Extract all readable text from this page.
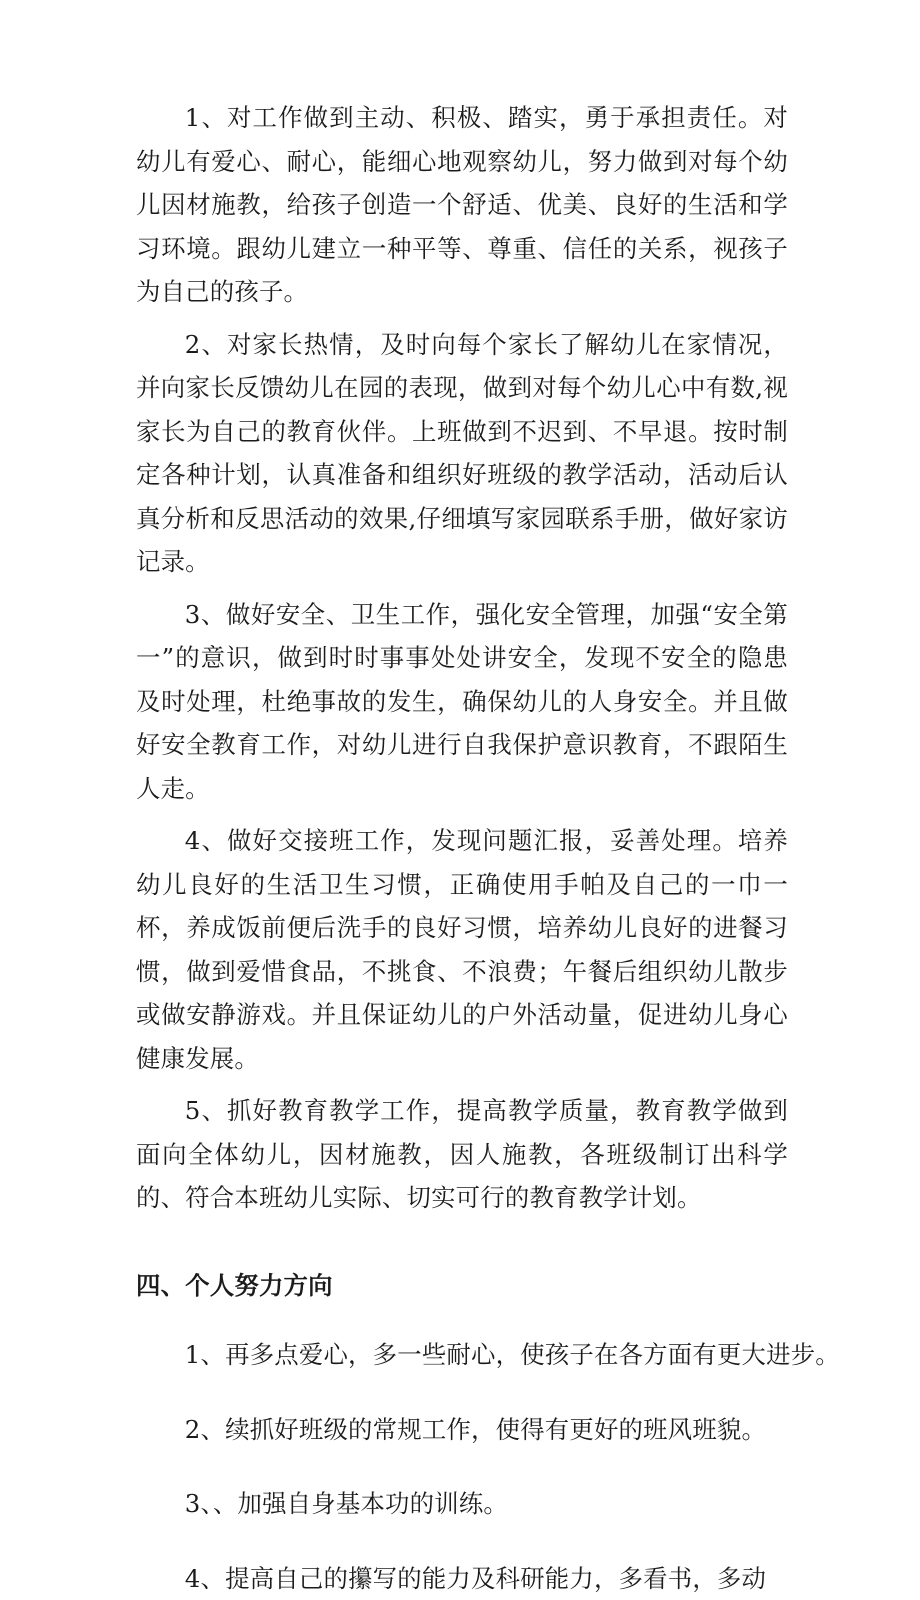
1、对工作做到主动、积极、踏实，勇于承担责任。对幼儿有爱心、耐心，能细心地观察幼儿，努力做到对每个幼儿因材施教，给孩子创造一个舒适、优美、良好的生活和学习环境。跟幼儿建立一种平等、尊重、信任的关系，视孩子为自己的孩子。

2、对家长热情，及时向每个家长了解幼儿在家情况，并向家长反馈幼儿在园的表现，做到对每个幼儿心中有数,视家长为自己的教育伙伴。上班做到不迟到、不早退。按时制定各种计划，认真准备和组织好班级的教学活动，活动后认真分析和反思活动的效果,仔细填写家园联系手册，做好家访记录。

3、做好安全、卫生工作，强化安全管理，加强“安全第一”的意识，做到时时事事处处讲安全，发现不安全的隐患及时处理，杜绝事故的发生，确保幼儿的人身安全。并且做好安全教育工作，对幼儿进行自我保护意识教育，不跟陌生人走。

4、做好交接班工作，发现问题汇报，妥善处理。培养幼儿良好的生活卫生习惯，正确使用手帕及自己的一巾一杯，养成饭前便后洗手的良好习惯，培养幼儿良好的进餐习惯，做到爱惜食品，不挑食、不浪费；午餐后组织幼儿散步或做安静游戏。并且保证幼儿的户外活动量，促进幼儿身心健康发展。

5、抓好教育教学工作，提高教学质量，教育教学做到面向全体幼儿，因材施教，因人施教，各班级制订出科学的、符合本班幼儿实际、切实可行的教育教学计划。

四、个人努力方向

1、再多点爱心，多一些耐心，使孩子在各方面有更大进步。

2、续抓好班级的常规工作，使得有更好的班风班貌。

3、、加强自身基本功的训练。

4、提高自己的攥写的能力及科研能力，多看书，多动
